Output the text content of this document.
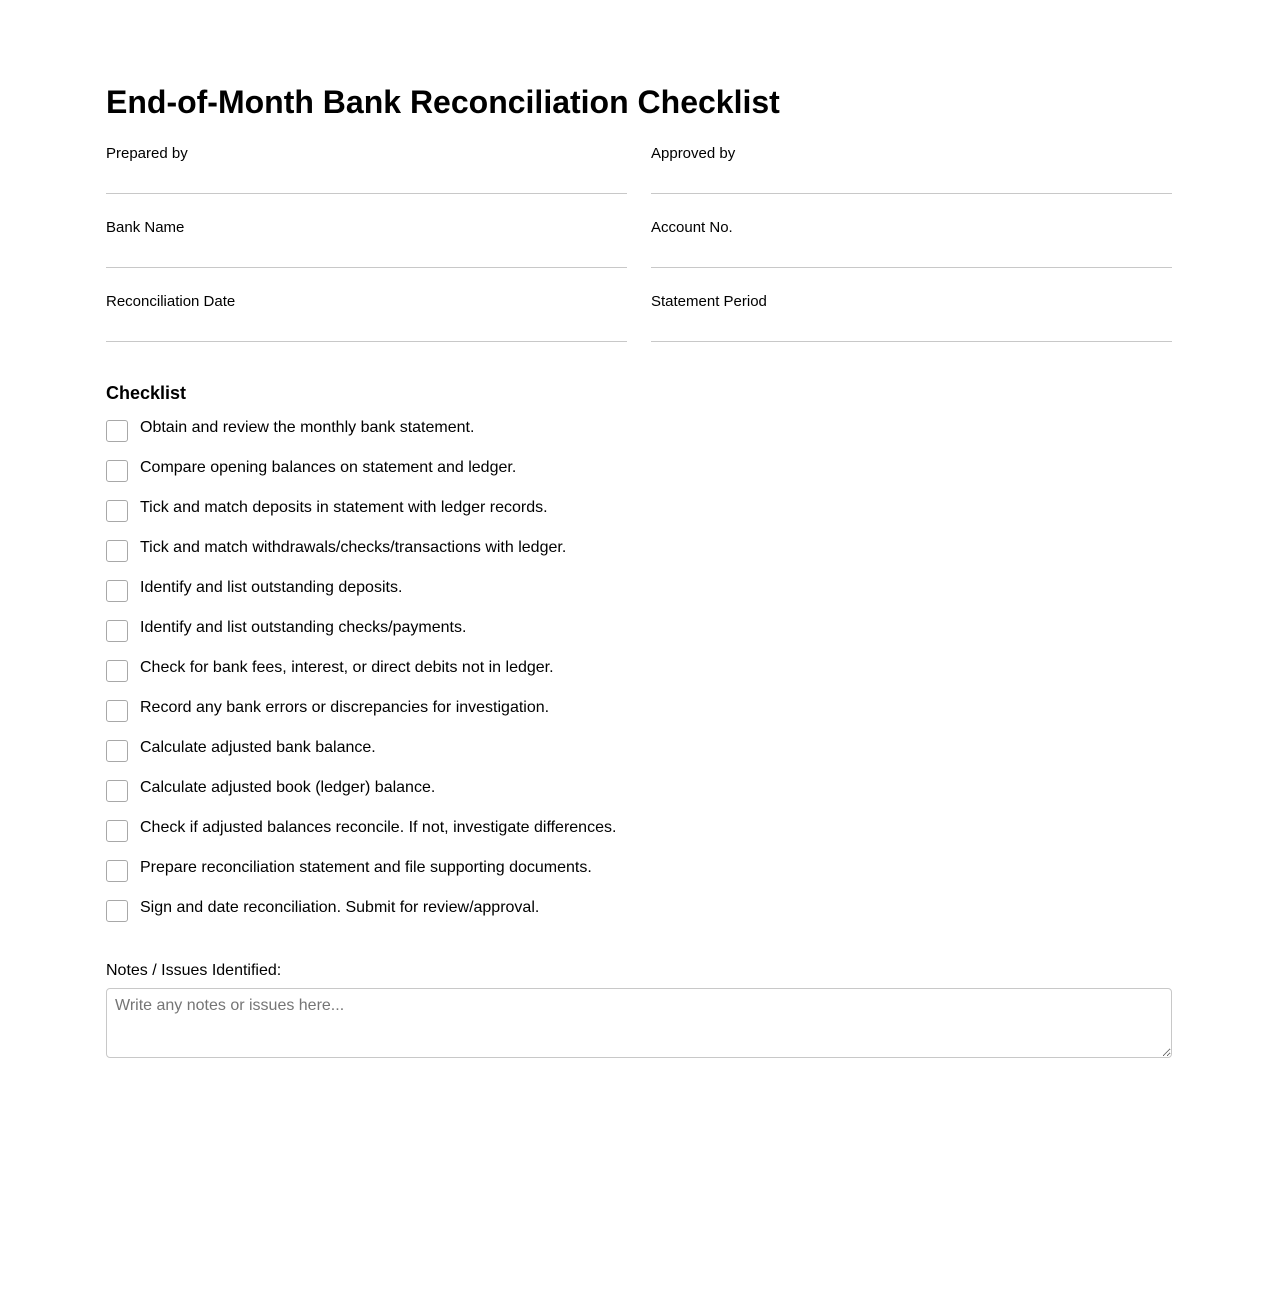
End-of-Month Bank Reconciliation Checklist
Prepared by	Approved by
Bank Name	Account No.
Reconciliation Date	Statement Period
Checklist
Obtain and review the monthly bank statement.
Compare opening balances on statement and ledger.
Tick and match deposits in statement with ledger records.
Tick and match withdrawals/checks/transactions with ledger.
Identify and list outstanding deposits.
Identify and list outstanding checks/payments.
Check for bank fees, interest, or direct debits not in ledger.
Record any bank errors or discrepancies for investigation.
Calculate adjusted bank balance.
Calculate adjusted book (ledger) balance.
Check if adjusted balances reconcile. If not, investigate differences.
Prepare reconciliation statement and file supporting documents.
Sign and date reconciliation. Submit for review/approval.
Notes / Issues Identified:
Write any notes or issues here...
